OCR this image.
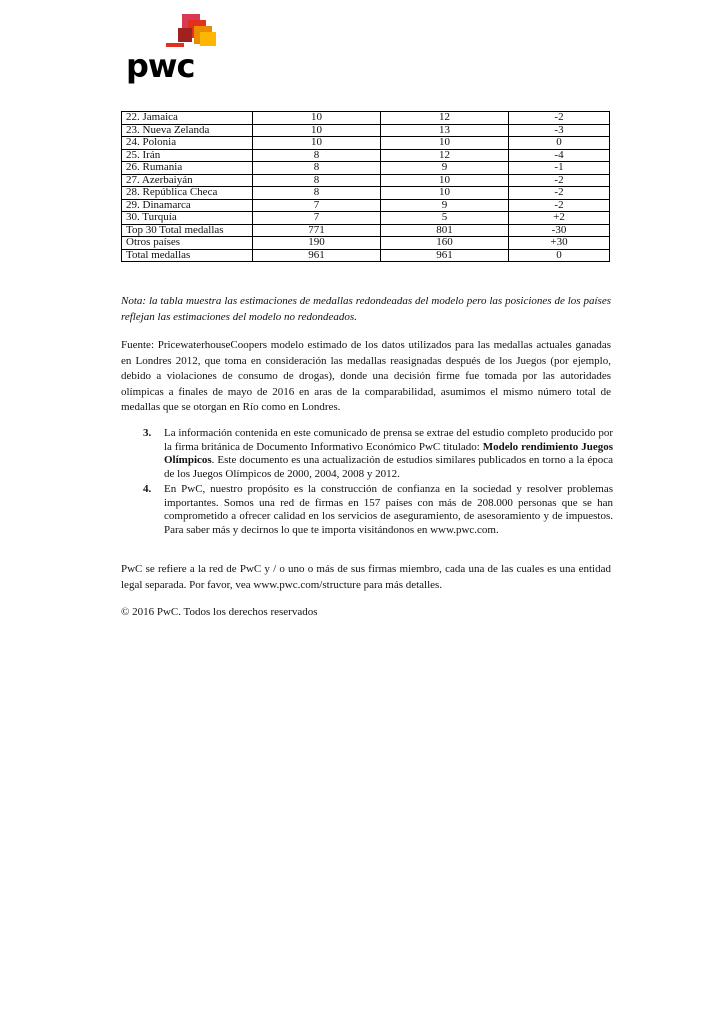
pwc
22. Jamaica	10	12	-2
23. Nueva Zelanda	10	13	-3
24. Polonia	10	10	0
25. Irán	8	12	-4
26. Rumania	8	9	-1
27. Azerbaiyán	8	10	-2
28. República Checa	8	10	-2
29. Dinamarca	7	9	-2
30. Turquía	7	5	+2
Top 30 Total medallas	771	801	-30
Otros países	190	160	+30
Total medallas	961	961	0
Nota: la tabla muestra las estimaciones de medallas redondeadas del modelo pero las posiciones de los países reflejan las estimaciones del modelo no redondeados.
Fuente: PricewaterhouseCoopers modelo estimado de los datos utilizados para las medallas actuales ganadas en Londres 2012, que toma en consideración las medallas reasignadas después de los Juegos (por ejemplo, debido a violaciones de consumo de drogas), donde una decisión firme fue tomada por las autoridades olímpicas a finales de mayo de 2016 en aras de la comparabilidad, asumimos el mismo número total de medallas que se otorgan en Río como en Londres.
3. La información contenida en este comunicado de prensa se extrae del estudio completo producido por la firma británica de Documento Informativo Económico PwC titulado: Modelo rendimiento Juegos Olímpicos. Este documento es una actualización de estudios similares publicados en torno a la época de los Juegos Olímpicos de 2000, 2004, 2008 y 2012.
4. En PwC, nuestro propósito es la construcción de confianza en la sociedad y resolver problemas importantes. Somos una red de firmas en 157 países con más de 208.000 personas que se han comprometido a ofrecer calidad en los servicios de aseguramiento, de asesoramiento y de impuestos. Para saber más y decirnos lo que te importa visitándonos en www.pwc.com.
PwC se refiere a la red de PwC y / o uno o más de sus firmas miembro, cada una de las cuales es una entidad legal separada. Por favor, vea www.pwc.com/structure para más detalles.
© 2016 PwC. Todos los derechos reservados
